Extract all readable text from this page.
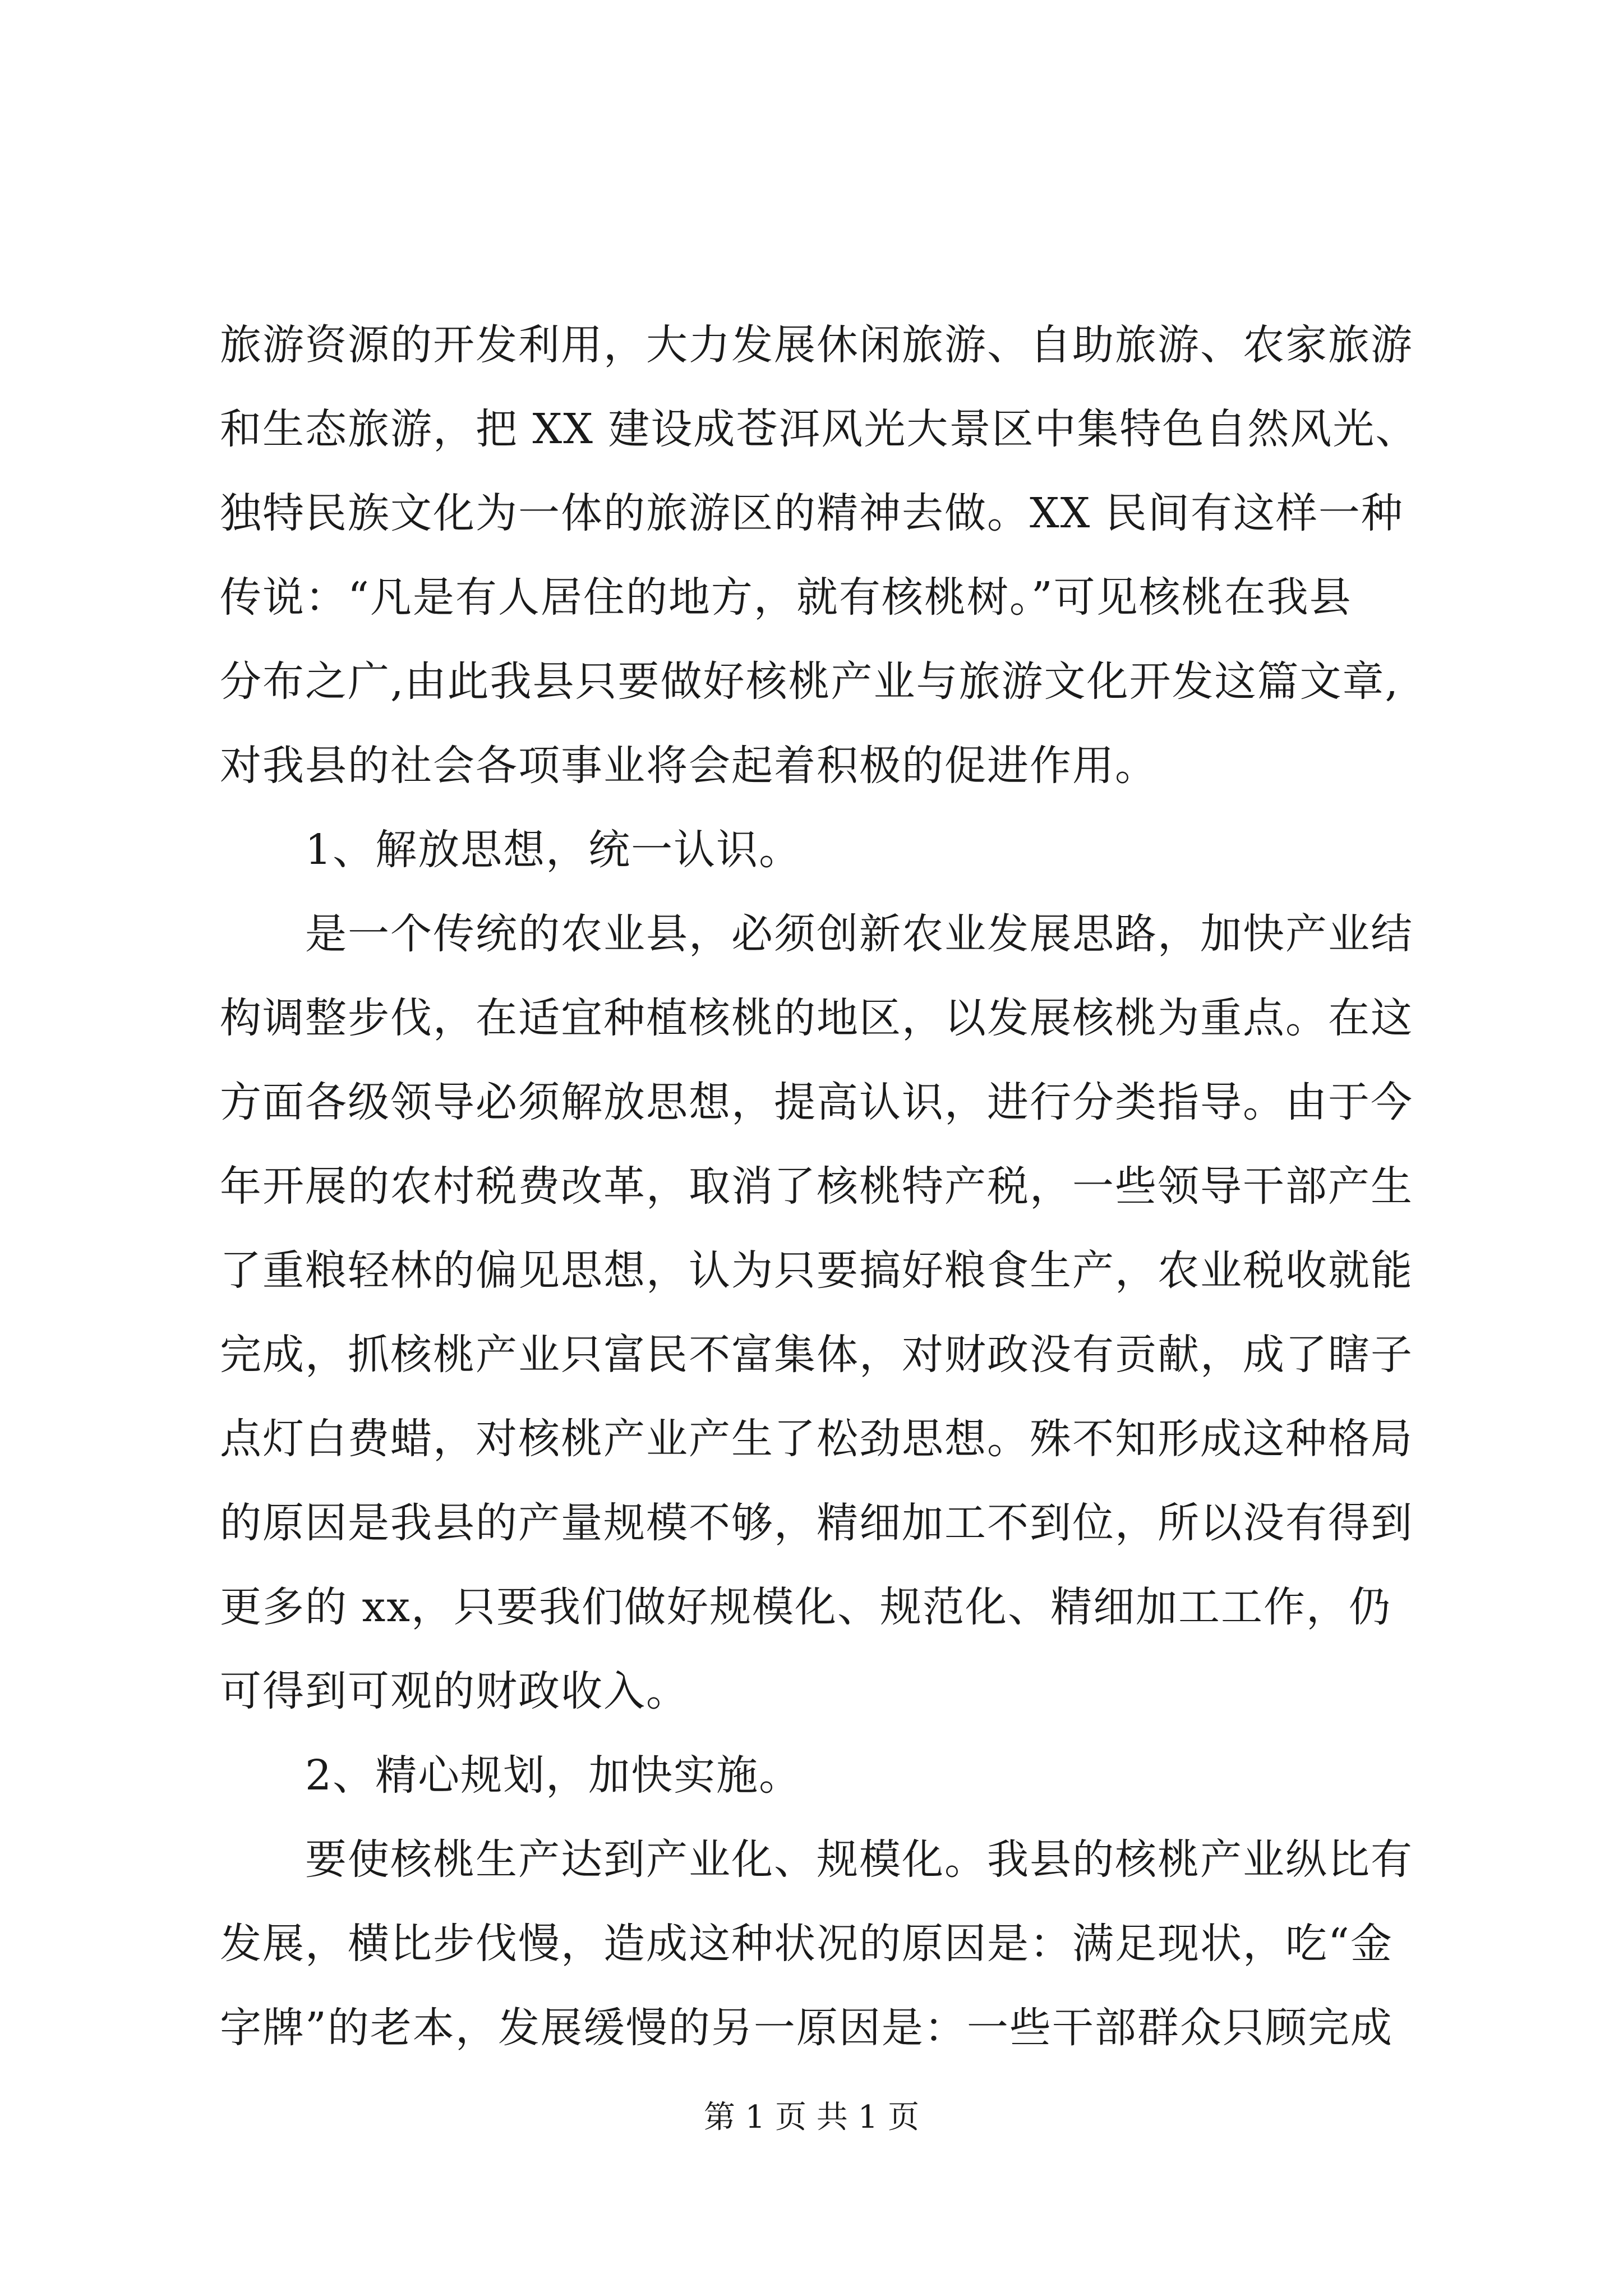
旅游资源的开发利用，大力发展休闲旅游、自助旅游、农家旅游
和生态旅游，把 XX 建设成苍洱风光大景区中集特色自然风光、
独特民族文化为一体的旅游区的精神去做。XX 民间有这样一种
传说：“凡是有人居住的地方，就有核桃树。”可见核桃在我县
分布之广,由此我县只要做好核桃产业与旅游文化开发这篇文章,
对我县的社会各项事业将会起着积极的促进作用。
1、解放思想，统一认识。
是一个传统的农业县，必须创新农业发展思路，加快产业结
构调整步伐，在适宜种植核桃的地区，以发展核桃为重点。在这
方面各级领导必须解放思想，提高认识，进行分类指导。由于今
年开展的农村税费改革，取消了核桃特产税，一些领导干部产生
了重粮轻林的偏见思想，认为只要搞好粮食生产，农业税收就能
完成，抓核桃产业只富民不富集体，对财政没有贡献，成了瞎子
点灯白费蜡，对核桃产业产生了松劲思想。殊不知形成这种格局
的原因是我县的产量规模不够，精细加工不到位，所以没有得到
更多的 xx，只要我们做好规模化、规范化、精细加工工作，仍
可得到可观的财政收入。
2、精心规划，加快实施。
要使核桃生产达到产业化、规模化。我县的核桃产业纵比有
发展，横比步伐慢，造成这种状况的原因是：满足现状，吃“金
字牌”的老本，发展缓慢的另一原因是：一些干部群众只顾完成
第 1 页 共 1 页
